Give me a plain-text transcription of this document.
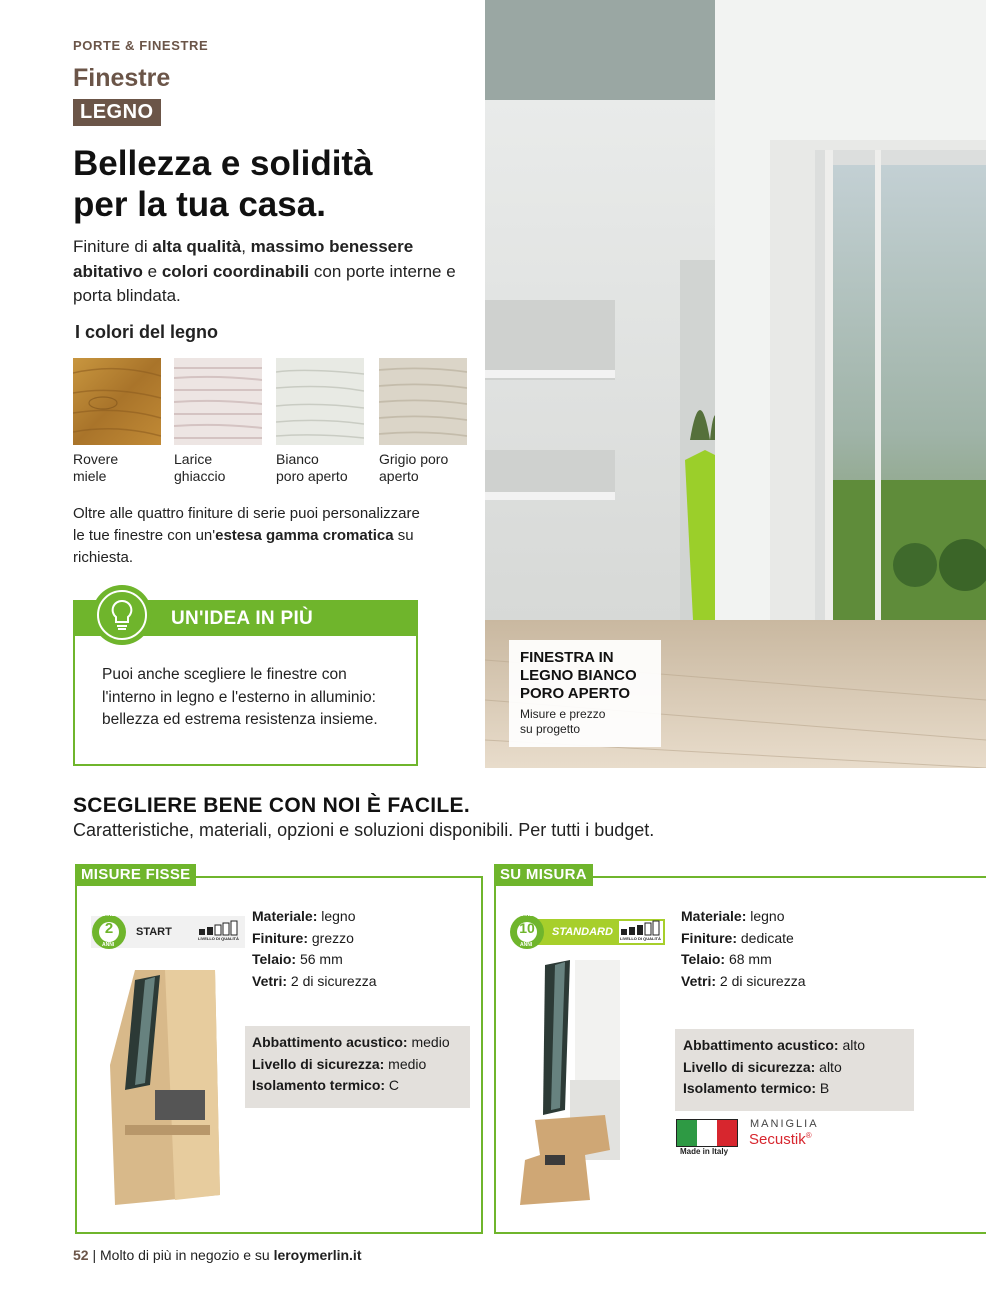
PORTE & FINESTRE
Finestre
LEGNO
Bellezza e solidità
per la tua casa.
Finiture di alta qualità, massimo benessere abitativo e colori coordinabili con porte interne e porta blindata.
I colori del legno
Rovere
miele
Larice
ghiaccio
Bianco
poro aperto
Grigio poro
aperto
Oltre alle quattro finiture di serie puoi personalizzare le tue finestre con un'estesa gamma cromatica su richiesta.
UN'IDEA IN PIÙ
Puoi anche scegliere le finestre con l'interno in legno e l'esterno in alluminio: bellezza ed estrema resistenza insieme.
FINESTRA IN
LEGNO BIANCO
PORO APERTO
Misure e prezzo
su progetto
SCEGLIERE BENE CON NOI È FACILE.
Caratteristiche, materiali, opzioni e soluzioni disponibili. Per tutti i budget.
MISURE FISSE
2
GARANZIA
ANNI
START
LIVELLO DI QUALITÀ
Materiale: legno
Finiture: grezzo
Telaio: 56 mm
Vetri: 2 di sicurezza
Abbattimento acustico: medio
Livello di sicurezza: medio
Isolamento termico: C
SU MISURA
10
GARANZIA
ANNI
STANDARD
LIVELLO DI QUALITÀ
Materiale: legno
Finiture: dedicate
Telaio: 68 mm
Vetri: 2 di sicurezza
Abbattimento acustico: alto
Livello di sicurezza: alto
Isolamento termico: B
Made in Italy
MANIGLIA
Secustik®
52 | Molto di più in negozio e su leroymerlin.it
